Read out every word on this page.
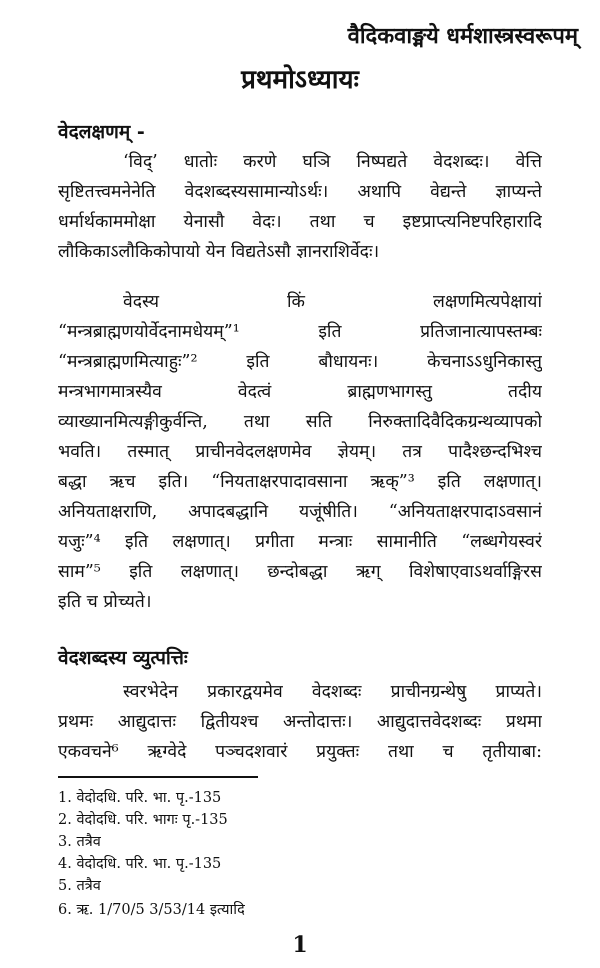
वैदिकवाङ्मये धर्मशास्त्रस्वरूपम्
प्रथमोऽध्यायः
वेदलक्षणम् -
‘विद्’ धातोः करणे घञि निष्पद्यते वेदशब्दः। वेत्ति
सृष्टितत्त्वमनेनेति वेदशब्दस्यसामान्योऽर्थः। अथापि वेद्यन्ते ज्ञाप्यन्ते
धर्मार्थकाममोक्षा येनासौ वेदः। तथा च इष्टप्राप्त्यनिष्टपरिहारादि
लौकिकाऽलौकिकोपायो येन विद्यतेऽसौ ज्ञानराशिर्वेदः।
वेदस्य किं लक्षणमित्यपेक्षायां
“मन्त्रब्राह्मणयोर्वेदनामधेयम्”¹ इति प्रतिजानात्यापस्तम्बः
“मन्त्रब्राह्मणमित्याहुः”² इति बौधायनः। केचनाऽऽधुनिकास्तु
मन्त्रभागमात्रस्यैव वेदत्वं ब्राह्मणभागस्तु तदीय
व्याख्यानमित्यङ्गीकुर्वन्ति, तथा सति निरुक्तादिवैदिकग्रन्थव्यापको
भवति। तस्मात् प्राचीनवेदलक्षणमेव ज्ञेयम्। तत्र पादैश्छन्दभिश्च
बद्धा ऋच इति। “नियताक्षरपादावसाना ऋक्”³ इति लक्षणात्।
अनियताक्षराणि, अपादबद्धानि यजूंषीति। “अनियताक्षरपादाऽवसानं
यजुः”⁴ इति लक्षणात्। प्रगीता मन्त्राः सामानीति “लब्धगेयस्वरं
साम”⁵ इति लक्षणात्। छन्दोबद्धा ऋग् विशेषाएवाऽथर्वाङ्गिरस
इति च प्रोच्यते।
वेदशब्दस्य व्युत्पत्तिः
स्वरभेदेन प्रकारद्वयमेव वेदशब्दः प्राचीनग्रन्थेषु प्राप्यते।
प्रथमः आद्युदात्तः द्वितीयश्च अन्तोदात्तः। आद्युदात्तवेदशब्दः प्रथमा
एकवचने⁶ ऋग्वेदे पञ्चदशवारं प्रयुक्तः तथा च तृतीयाबा:
1. वेदोदधि. परि. भा. पृ.-135
2. वेदोदधि. परि. भागः पृ.-135
3. तत्रैव
4. वेदोदधि. परि. भा. पृ.-135
5. तत्रैव
6. ऋ. 1/70/5 3/53/14 इत्यादि
1
